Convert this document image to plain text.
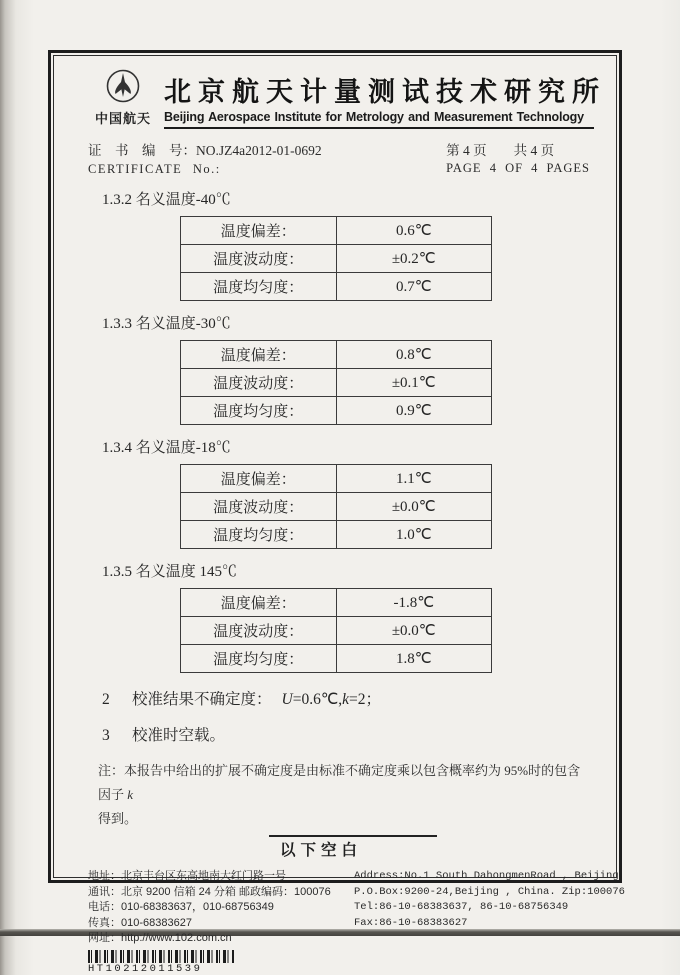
中国航天
北京航天计量测试技术研究所
Beijing Aerospace Institute for Metrology and Measurement Technology
证　书　编　号：NO.JZ4a2012-01-0692
CERTIFICATE No.:
第 4 页　　共 4 页
PAGE 4 OF 4 PAGES
1.3.2 名义温度-40℃
温度偏差：	0.6℃
温度波动度：	±0.2℃
温度均匀度：	0.7℃
1.3.3 名义温度-30℃
温度偏差：	0.8℃
温度波动度：	±0.1℃
温度均匀度：	0.9℃
1.3.4 名义温度-18℃
温度偏差：	1.1℃
温度波动度：	±0.0℃
温度均匀度：	1.0℃
1.3.5 名义温度 145℃
温度偏差：	-1.8℃
温度波动度：	±0.0℃
温度均匀度：	1.8℃
2 校准结果不确定度： U=0.6℃,k=2；
3 校准时空载。
注：本报告中给出的扩展不确定度是由标准不确定度乘以包含概率约为 95%时的包含因子 k
得到。
以下空白
地址：北京丰台区东高地南大红门路一号
通讯：北京 9200 信箱 24 分箱 邮政编码：100076
电话：010-68383637，010-68756349
传真：010-68383627
网址：http://www.102.com.cn
Address:No.1 South DahongmenRoad , Beijing
P.O.Box:9200-24,Beijing , China. Zip:100076
Tel:86-10-68383637, 86-10-68756349
Fax:86-10-68383627
HT10212011539
